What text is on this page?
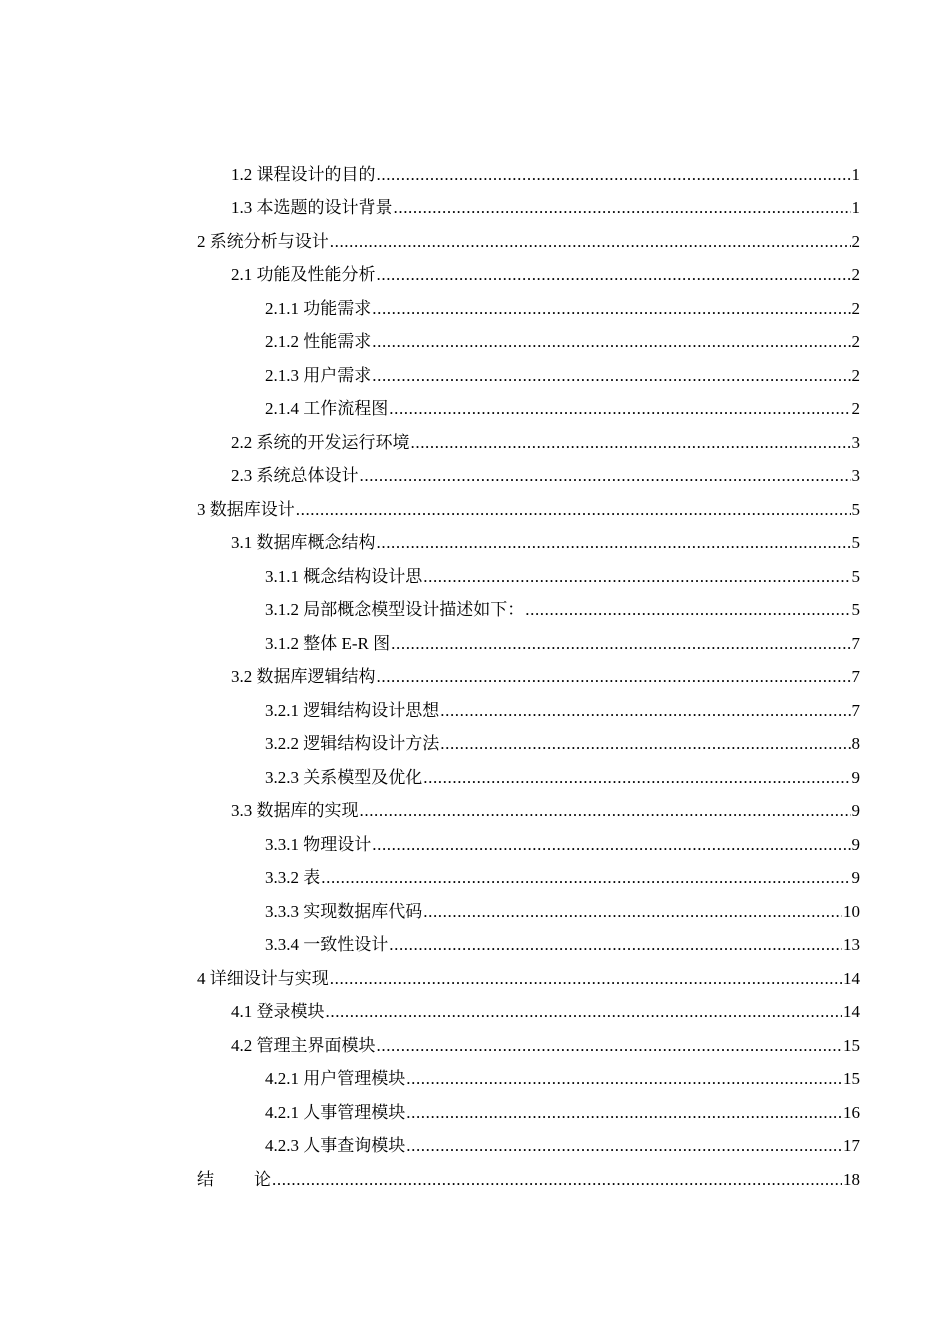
1.2 课程设计的目的 .....	1
1.3 本选题的设计背景 .....	1
2 系统分析与设计 .....	2
2.1 功能及性能分析 .....	2
2.1.1 功能需求 .....	2
2.1.2 性能需求 .....	2
2.1.3 用户需求 .....	2
2.1.4 工作流程图 .....	2
2.2 系统的开发运行环境 .....	3
2.3 系统总体设计 .....	3
3 数据库设计 .....	5
3.1 数据库概念结构 .....	5
3.1.1 概念结构设计思 .....	5
3.1.2 局部概念模型设计描述如下： .....	5
3.1.2 整体 E-R 图 .....	7
3.2 数据库逻辑结构 .....	7
3.2.1 逻辑结构设计思想 .....	7
3.2.2 逻辑结构设计方法 .....	8
3.2.3 关系模型及优化 .....	9
3.3 数据库的实现 .....	9
3.3.1 物理设计 .....	9
3.3.2 表 .....	9
3.3.3 实现数据库代码 .....	10
3.3.4 一致性设计 .....	13
4 详细设计与实现 .....	14
4.1 登录模块 .....	14
4.2 管理主界面模块 .....	15
4.2.1 用户管理模块 .....	15
4.2.1 人事管理模块 .....	16
4.2.3 人事查询模块 .....	17
结 论 .....	18
